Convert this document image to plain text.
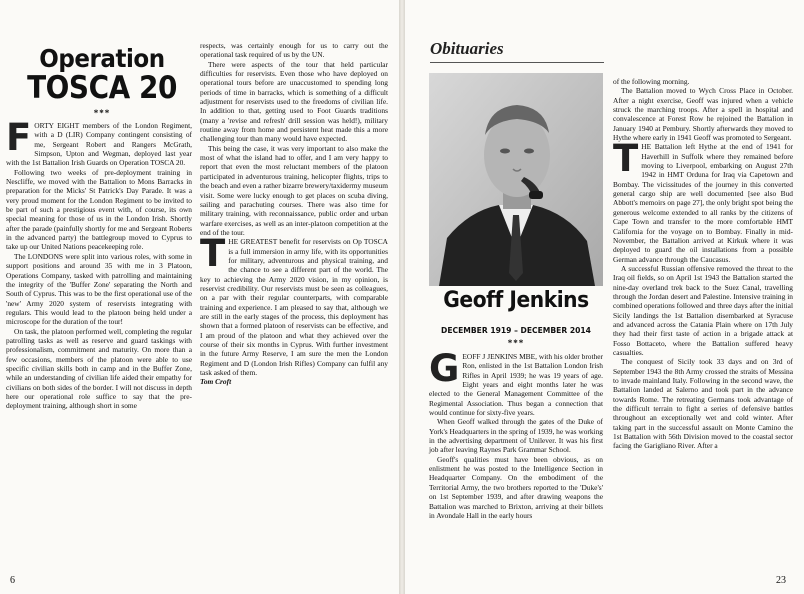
Operation
TOSCA 20
***

FORTY EIGHT members of the London Regiment, with a D (LIR) Company contingent consisting of me, Sergeant Robert and Rangers McGrath, Simpson, Upton and Wegman, deployed last year with the 1st Battalion Irish Guards on Operation TOSCA 20.

Following two weeks of pre-deployment training in Nescliffe, we moved with the Battalion to Mons Barracks in preparation for the Micks' St Patrick's Day Parade. It was a very proud moment for the London Regiment to be invited to be part of such a prestigious event with, of course, its own special meaning for those of us in the London Irish. Shortly after the parade (painfully shortly for me and Sergeant Roberts in the advanced party) the battlegroup moved to Cyprus to take up our United Nations peacekeeping role.

The LONDONS were split into various roles, with some in support positions and around 35 with me in 3 Platoon, Operations Company, tasked with patrolling and maintaining the integrity of the 'Buffer Zone' separating the North and South of Cyprus. This was to be the first operational use of the 'new' Army 2020 system of reservists integrating with regulars. This would lead to the platoon being held under a microscope for the duration of the tour!

On task, the platoon performed well, completing the regular patrolling tasks as well as reserve and guard taskings with professionalism, commitment and maturity. On more than a few occasions, members of the platoon were able to use specific civilian skills both in camp and in the Buffer Zone, while an understanding of civilian life aided their empathy for civilians on both sides of the border. I will not discuss in depth here our operational role suffice to say that the pre-deployment training, although short in some

respects, was certainly enough for us to carry out the operational task required of us by the UN.

There were aspects of the tour that held particular difficulties for reservists. Even those who have deployed on operational tours before are unaccustomed to spending long periods of time in barracks, which is something of a difficult adjustment for reservists used to the freedoms of civilian life. In addition to that, getting used to Foot Guards traditions (many a 'revise and refresh' drill session was held!), military routine away from home and persistent heat made this a more challenging tour than many would have expected.

This being the case, it was very important to also make the most of what the island had to offer, and I am very happy to report that even the most reluctant members of the platoon participated in adventurous training, helicopter flights, trips to the beach and even a rather bizarre brewery/taxidermy museum visit. Some were lucky enough to get places on scuba diving, sailing and parachuting courses. There was also time for military training, with reconnaissance, public order and urban warfare exercises, as well as an inter-platoon competition at the end of the tour.

THE GREATEST benefit for reservists on Op TOSCA is a full immersion in army life, with its opportunities for military, adventurous and physical training, and the chance to see a different part of the world. The key to achieving the Army 2020 vision, in my opinion, is reservist credibility. Our reservists must be seen as colleagues, on a par with their regular counterparts, with comparable training and experience. I am pleased to say that, although we are still in the early stages of the process, this deployment has shown that a formed platoon of reservists can be effective, and I am proud of the platoon and what they achieved over the course of their six months in Cyprus. With further investment in the future Army Reserve, I am sure the men the London Regiment and D (London Irish Rifles) Company can fulfil any task asked of them.

Tom Croft

6
Obituaries
Geoff Jenkins
DECEMBER 1919 – DECEMBER 2014
***

GEOFF J JENKINS MBE, with his older brother Ron, enlisted in the 1st Battalion London Irish Rifles in April 1939; he was 19 years of age. Eight years and eight months later he was elected to the General Management Committee of the Regimental Association. Thus began a connection that would continue for sixty-five years.

When Geoff walked through the gates of the Duke of York's Headquarters in the spring of 1939, he was working in the advertising department of Unilever. It was his first job after leaving Raynes Park Grammar School.

Geoff's qualities must have been obvious, as on enlistment he was posted to the Intelligence Section in Headquarter Company. On the embodiment of the Territorial Army, the two brothers reported to the 'Duke's' on 1st September 1939, and after drawing weapons the Battalion was marched to Brixton, arriving at their billets in Avondale Hall in the early hours

of the following morning.

The Battalion moved to Wych Cross Place in October. After a night exercise, Geoff was injured when a vehicle struck the marching troops. After a spell in hospital and convalescence at Forest Row he rejoined the Battalion in January 1940 at Pembury. Shortly afterwards they moved to Hythe where early in 1941 Geoff was promoted to Sergeant.

THE Battalion left Hythe at the end of 1941 for Haverhill in Suffolk where they remained before moving to Liverpool, embarking on August 27th 1942 in HMT Orduna for Iraq via Capetown and Bombay. The vicissitudes of the journey in this converted general cargo ship are well documented [see also Bud Abbott's memoirs on page 27], the only bright spot being the generous welcome extended to all ranks by the citizens of Cape Town and transfer to the more comfortable HMT California for the voyage on to Bombay. Finally in mid-November, the Battalion arrived at Kirkuk where it was deployed to guard the oil installations from a possible German advance through the Caucasus.

A successful Russian offensive removed the threat to the Iraq oil fields, so on April 1st 1943 the Battalion started the nine-day overland trek back to the Suez Canal, travelling through the Jordan desert and Palestine. Intensive training in combined operations followed and three days after the initial Sicily landings the 1st Battalion disembarked at Syracuse and advanced across the Catania Plain where on 17th July they had their first taste of action in a brigade attack at Fosso Bottaceto, where the Battalion suffered heavy casualties.

The conquest of Sicily took 33 days and on 3rd of September 1943 the 8th Army crossed the straits of Messina to invade mainland Italy. Following in the second wave, the Battalion landed at Salerno and took part in the advance towards Rome. The retreating Germans took advantage of the difficult terrain to fight a series of defensive battles throughout an exceptionally wet and cold winter. After taking part in the successful assault on Monte Camino the 1st Battalion with 56th Division moved to the coastal sector facing the Garigliano River. After a

23
